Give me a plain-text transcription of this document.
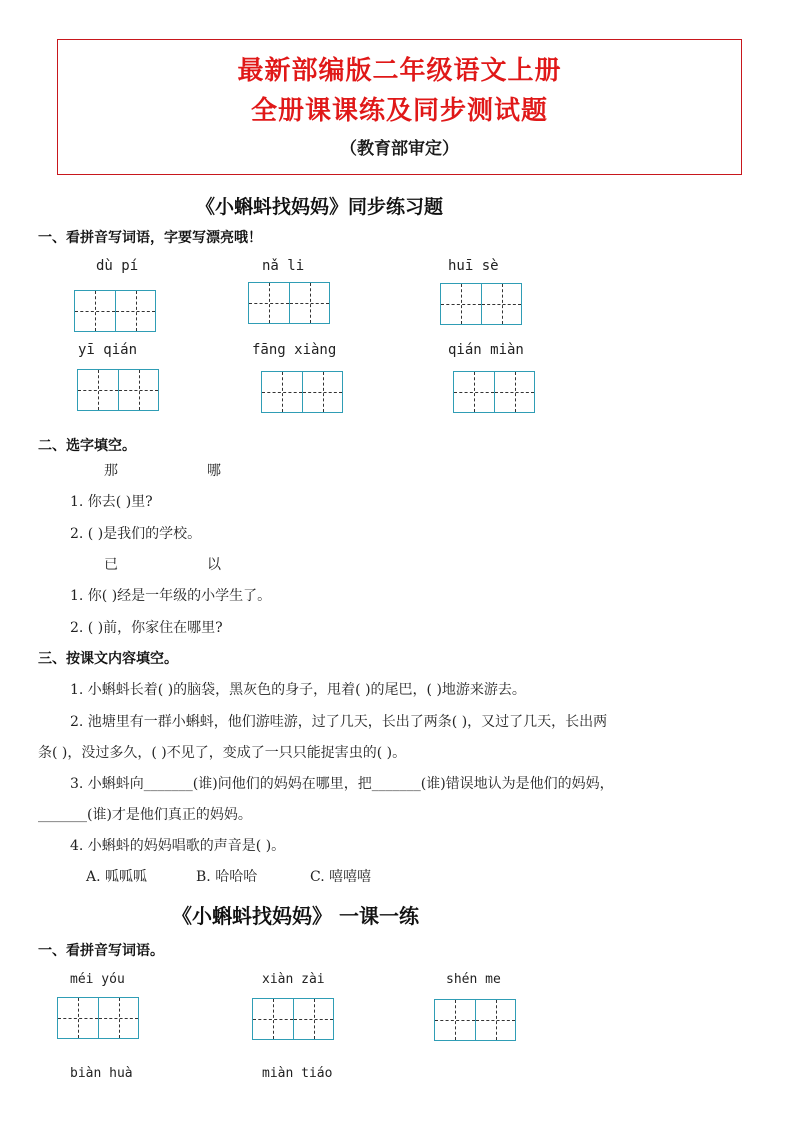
最新部编版二年级语文上册
全册课课练及同步测试题
（教育部审定）
《小蝌蚪找妈妈》同步练习题
一、看拼音写词语，字要写漂亮哦！
dù pí	nǎ li	huī sè
yī qián	fāng xiàng	qián miàn
二、选字填空。
那	哪
1. 你去( )里?
2. ( )是我们的学校。
已	以
1. 你( )经是一年级的小学生了。
2. ( )前，你家住在哪里?
三、按课文内容填空。
1. 小蝌蚪长着( )的脑袋，黑灰色的身子，甩着( )的尾巴，( )地游来游去。
2. 池塘里有一群小蝌蚪，他们游哇游，过了几天，长出了两条( )，又过了几天，长出两
条( )，没过多久，( )不见了，变成了一只只能捉害虫的( )。
3. 小蝌蚪向_______(谁)问他们的妈妈在哪里，把_______(谁)错误地认为是他们的妈妈，
_______(谁)才是他们真正的妈妈。
4. 小蝌蚪的妈妈唱歌的声音是( )。
A. 呱呱呱	B. 哈哈哈	C. 嘻嘻嘻
《小蝌蚪找妈妈》 一课一练
一、看拼音写词语。
méi yóu	xiàn zài	shén me
biàn huà	miàn tiáo
